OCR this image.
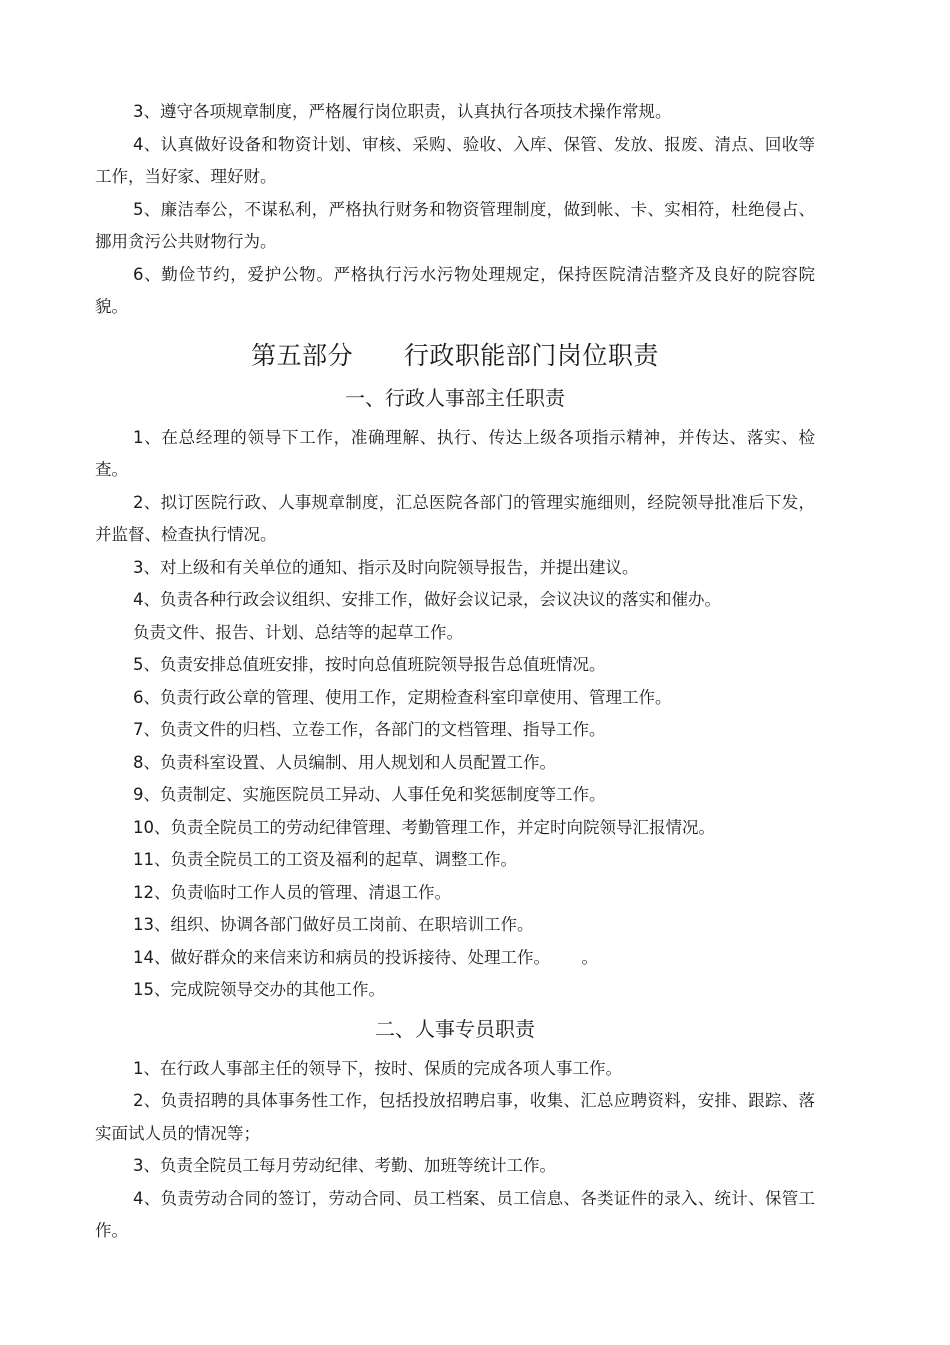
3、遵守各项规章制度，严格履行岗位职责，认真执行各项技术操作常规。

4、认真做好设备和物资计划、审核、采购、验收、入库、保管、发放、报废、清点、回收等工作，当好家、理好财。

5、廉洁奉公，不谋私利，严格执行财务和物资管理制度，做到帐、卡、实相符，杜绝侵占、挪用贪污公共财物行为。

6、勤俭节约，爱护公物。严格执行污水污物处理规定，保持医院清洁整齐及良好的院容院貌。

第五部分      行政职能部门岗位职责
一、行政人事部主任职责

1、在总经理的领导下工作，准确理解、执行、传达上级各项指示精神，并传达、落实、检查。

2、拟订医院行政、人事规章制度，汇总医院各部门的管理实施细则，经院领导批准后下发，并监督、检查执行情况。

3、对上级和有关单位的通知、指示及时向院领导报告，并提出建议。

4、负责各种行政会议组织、安排工作，做好会议记录，会议决议的落实和催办。

负责文件、报告、计划、总结等的起草工作。

5、负责安排总值班安排，按时向总值班院领导报告总值班情况。

6、负责行政公章的管理、使用工作，定期检查科室印章使用、管理工作。

7、负责文件的归档、立卷工作，各部门的文档管理、指导工作。

8、负责科室设置、人员编制、用人规划和人员配置工作。

9、负责制定、实施医院员工异动、人事任免和奖惩制度等工作。

10、负责全院员工的劳动纪律管理、考勤管理工作，并定时向院领导汇报情况。

11、负责全院员工的工资及福利的起草、调整工作。

12、负责临时工作人员的管理、清退工作。

13、组织、协调各部门做好员工岗前、在职培训工作。

14、做好群众的来信来访和病员的投诉接待、处理工作。      。

15、完成院领导交办的其他工作。

二、人事专员职责

1、在行政人事部主任的领导下，按时、保质的完成各项人事工作。

2、负责招聘的具体事务性工作，包括投放招聘启事，收集、汇总应聘资料，安排、跟踪、落实面试人员的情况等；

3、负责全院员工每月劳动纪律、考勤、加班等统计工作。

4、负责劳动合同的签订，劳动合同、员工档案、员工信息、各类证件的录入、统计、保管工作。
